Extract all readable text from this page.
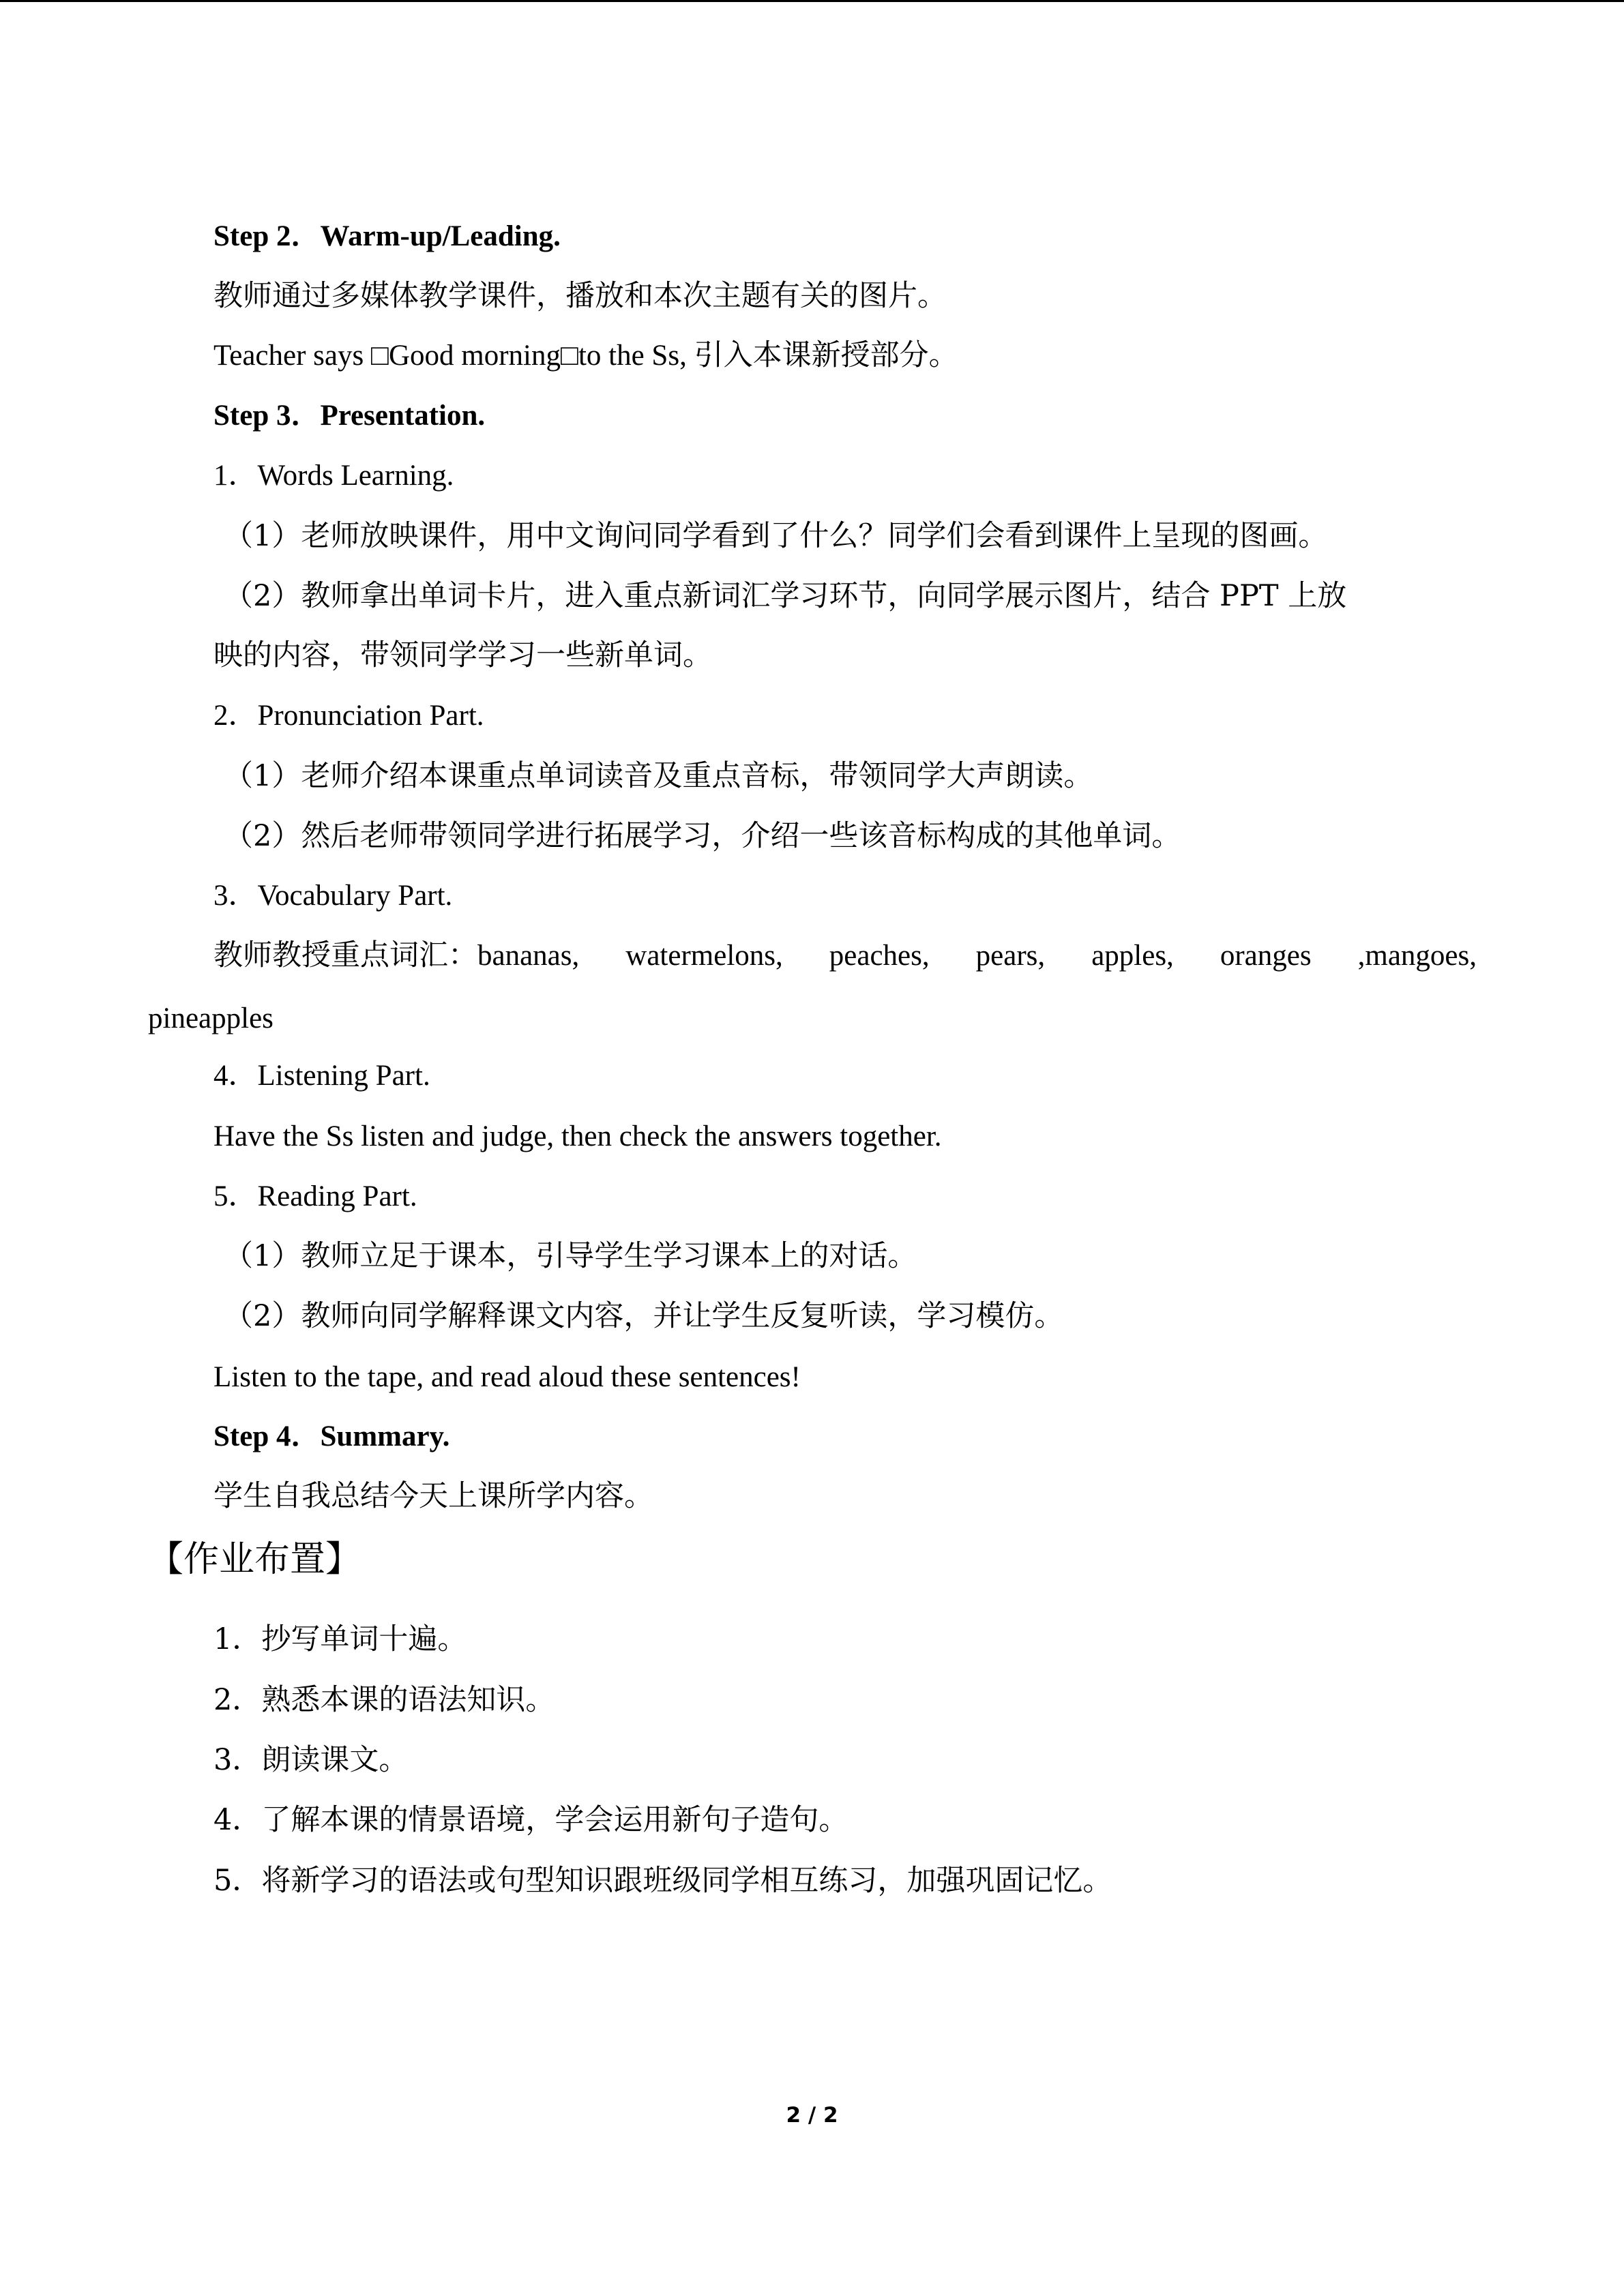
Step 2．Warm-up/Leading.

教师通过多媒体教学课件，播放和本次主题有关的图片。

Teacher says □Good morning□to the Ss, 引入本课新授部分。

Step 3．Presentation.

1．Words Learning.

（1）老师放映课件，用中文询问同学看到了什么？同学们会看到课件上呈现的图画。

（2）教师拿出单词卡片，进入重点新词汇学习环节，向同学展示图片，结合 PPT 上放

映的内容，带领同学学习一些新单词。

2．Pronunciation Part.

（1）老师介绍本课重点单词读音及重点音标，带领同学大声朗读。

（2）然后老师带领同学进行拓展学习，介绍一些该音标构成的其他单词。

3．Vocabulary Part.

教师教授重点词汇：bananas, watermelons, peaches, pears, apples, oranges ,mangoes,

pineapples

4．Listening Part.

Have the Ss listen and judge, then check the answers together.

5．Reading Part.

（1）教师立足于课本，引导学生学习课本上的对话。

（2）教师向同学解释课文内容，并让学生反复听读，学习模仿。

Listen to the tape, and read aloud these sentences!

Step 4．Summary.

学生自我总结今天上课所学内容。

【作业布置】

1．抄写单词十遍。

2．熟悉本课的语法知识。

3．朗读课文。

4．了解本课的情景语境，学会运用新句子造句。

5．将新学习的语法或句型知识跟班级同学相互练习，加强巩固记忆。

2 / 2
